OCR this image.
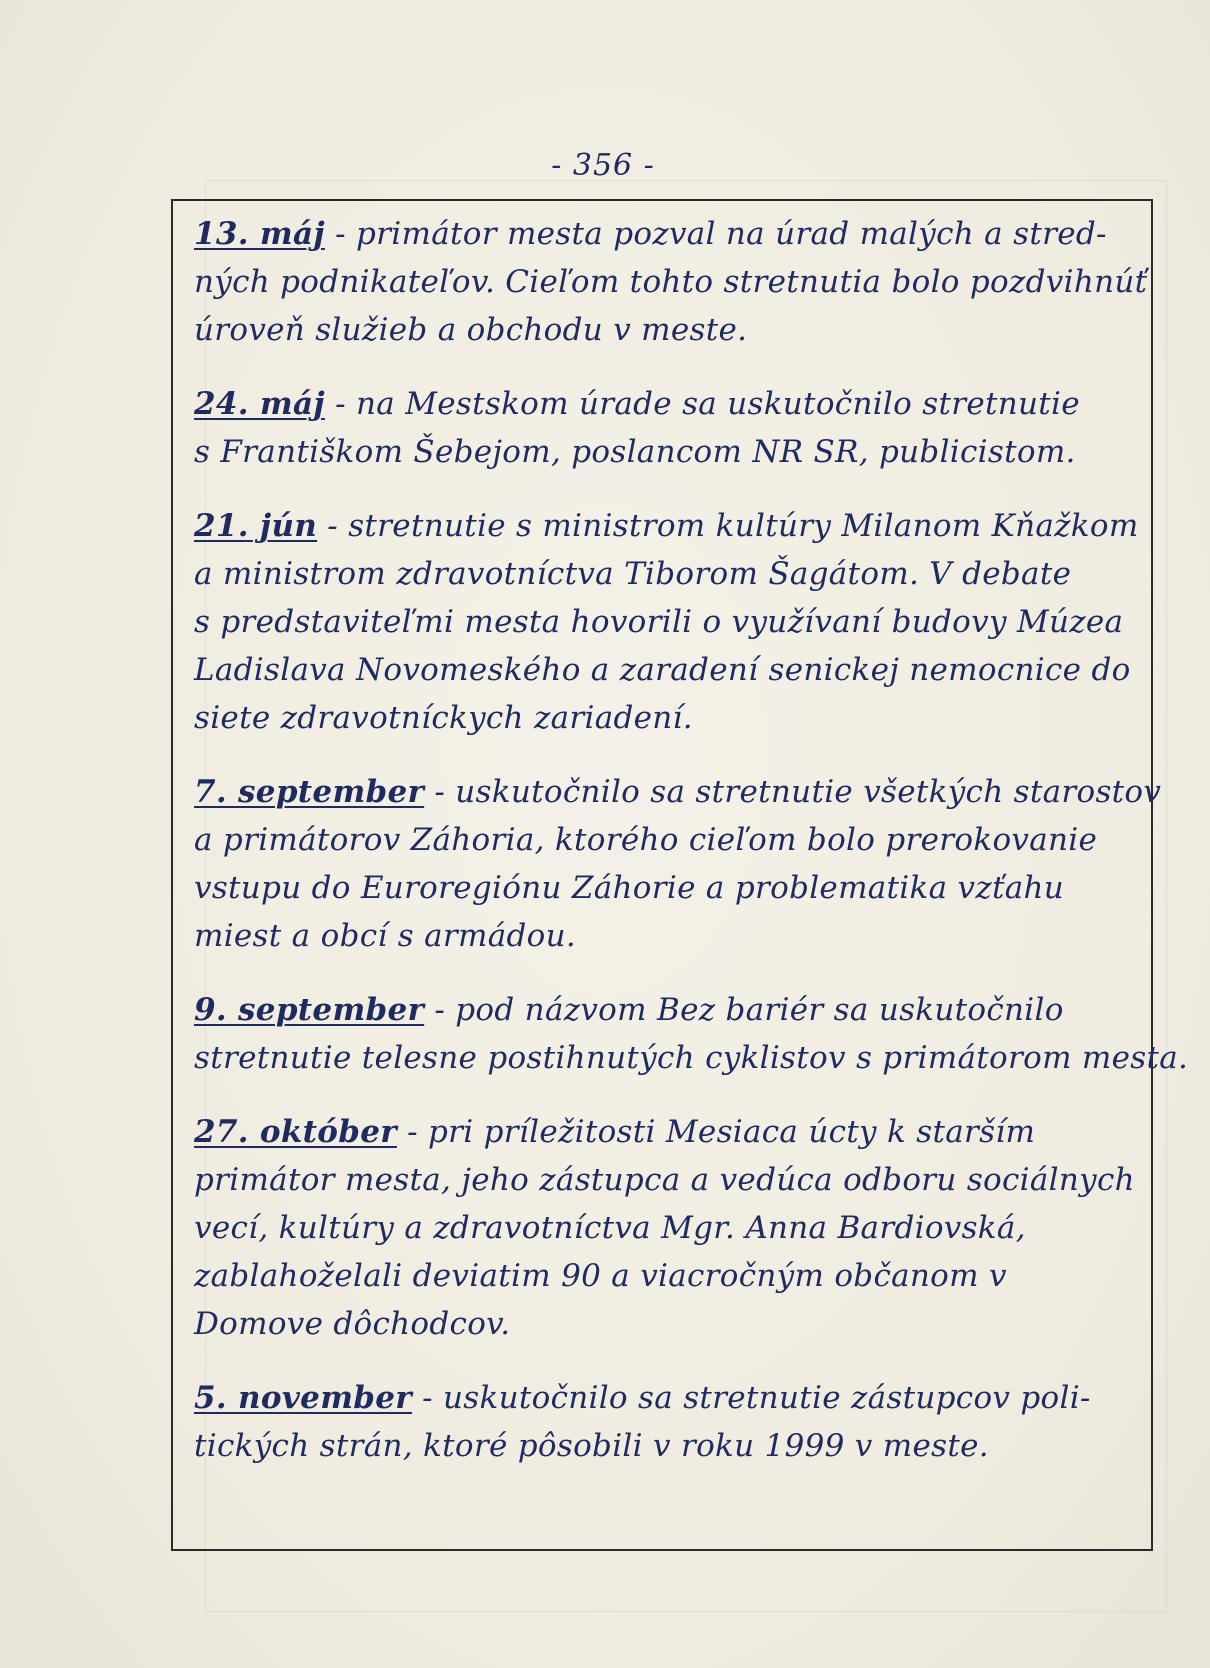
- 356 -
13. máj - primátor mesta pozval na úrad malých a stred-
ných podnikateľov. Cieľom tohto stretnutia bolo pozdvihnúť
úroveň služieb a obchodu v meste.
24. máj - na Mestskom úrade sa uskutočnilo stretnutie
s Františkom Šebejom, poslancom NR SR, publicistom.
21. jún - stretnutie s ministrom kultúry Milanom Kňažkom
a ministrom zdravotníctva Tiborom Šagátom. V debate
s predstaviteľmi mesta hovorili o využívaní budovy Múzea
Ladislava Novomeského a zaradení senickej nemocnice do
siete zdravotníckych zariadení.
7. september - uskutočnilo sa stretnutie všetkých starostov
a primátorov Záhoria, ktorého cieľom bolo prerokovanie
vstupu do Euroregiónu Záhorie a problematika vzťahu
miest a obcí s armádou.
9. september - pod názvom Bez bariér sa uskutočnilo
stretnutie telesne postihnutých cyklistov s primátorom mesta.
27. október - pri príležitosti Mesiaca úcty k starším
primátor mesta, jeho zástupca a vedúca odboru sociálnych
vecí, kultúry a zdravotníctva Mgr. Anna Bardiovská,
zablahoželali deviatim 90 a viacročným občanom v
Domove dôchodcov.
5. november - uskutočnilo sa stretnutie zástupcov poli-
tických strán, ktoré pôsobili v roku 1999 v meste.
